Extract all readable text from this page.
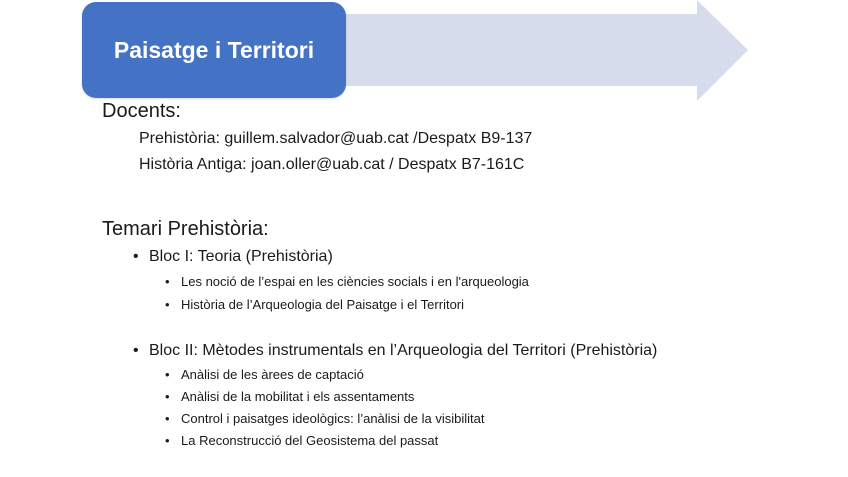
Paisatge i Territori
Docents:
Prehistòria: guillem.salvador@uab.cat /Despatx B9-137
Història Antiga: joan.oller@uab.cat / Despatx B7-161C
Temari Prehistòria:
• Bloc I: Teoria (Prehistòria)
• Les noció de l’espai en les ciències socials i en l'arqueologia
• Història de l’Arqueologia del Paisatge i el Territori
• Bloc II: Mètodes instrumentals en l’Arqueologia del Territori (Prehistòria)
• Anàlisi de les àrees de captació
• Anàlisi de la mobilitat i els assentaments
• Control i paisatges ideològics: l’anàlisi de la visibilitat
• La Reconstrucció del Geosistema del passat
